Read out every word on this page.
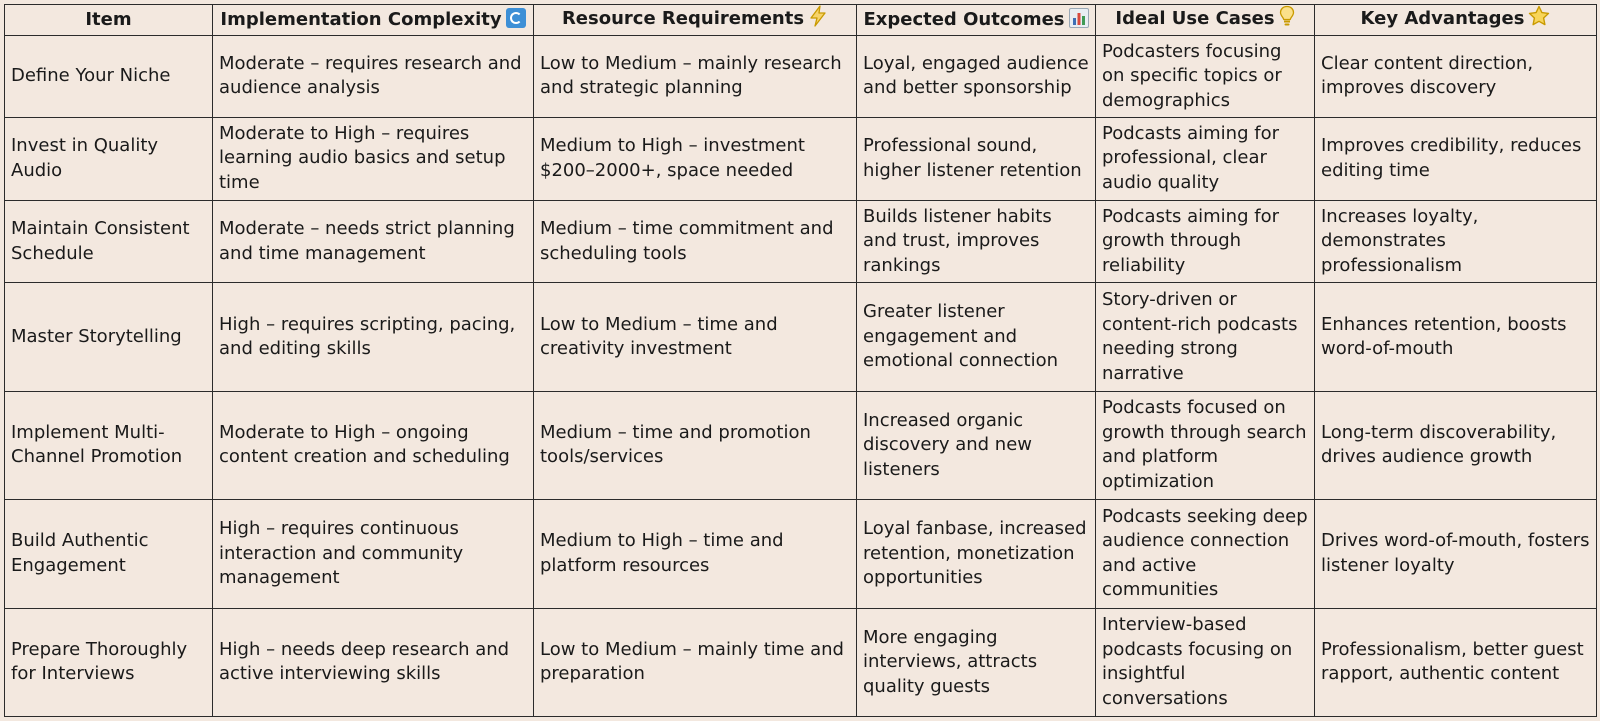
Item	Implementation Complexity	Resource Requirements	Expected Outcomes	Ideal Use Cases	Key Advantages
Define Your Niche	Moderate – requires research and audience analysis	Low to Medium – mainly research and strategic planning	Loyal, engaged audience and better sponsorship	Podcasters focusing on specific topics or demographics	Clear content direction, improves discovery
Invest in Quality Audio	Moderate to High – requires learning audio basics and setup time	Medium to High – investment $200–2000+, space needed	Professional sound, higher listener retention	Podcasts aiming for professional, clear audio quality	Improves credibility, reduces editing time
Maintain Consistent Schedule	Moderate – needs strict planning and time management	Medium – time commitment and scheduling tools	Builds listener habits and trust, improves rankings	Podcasts aiming for growth through reliability	Increases loyalty, demonstrates professionalism
Master Storytelling	High – requires scripting, pacing, and editing skills	Low to Medium – time and creativity investment	Greater listener engagement and emotional connection	Story-driven or content-rich podcasts needing strong narrative	Enhances retention, boosts word-of-mouth
Implement Multi-Channel Promotion	Moderate to High – ongoing content creation and scheduling	Medium – time and promotion tools/services	Increased organic discovery and new listeners	Podcasts focused on growth through search and platform optimization	Long-term discoverability, drives audience growth
Build Authentic Engagement	High – requires continuous interaction and community management	Medium to High – time and platform resources	Loyal fanbase, increased retention, monetization opportunities	Podcasts seeking deep audience connection and active communities	Drives word-of-mouth, fosters listener loyalty
Prepare Thoroughly for Interviews	High – needs deep research and active interviewing skills	Low to Medium – mainly time and preparation	More engaging interviews, attracts quality guests	Interview-based podcasts focusing on insightful conversations	Professionalism, better guest rapport, authentic content
